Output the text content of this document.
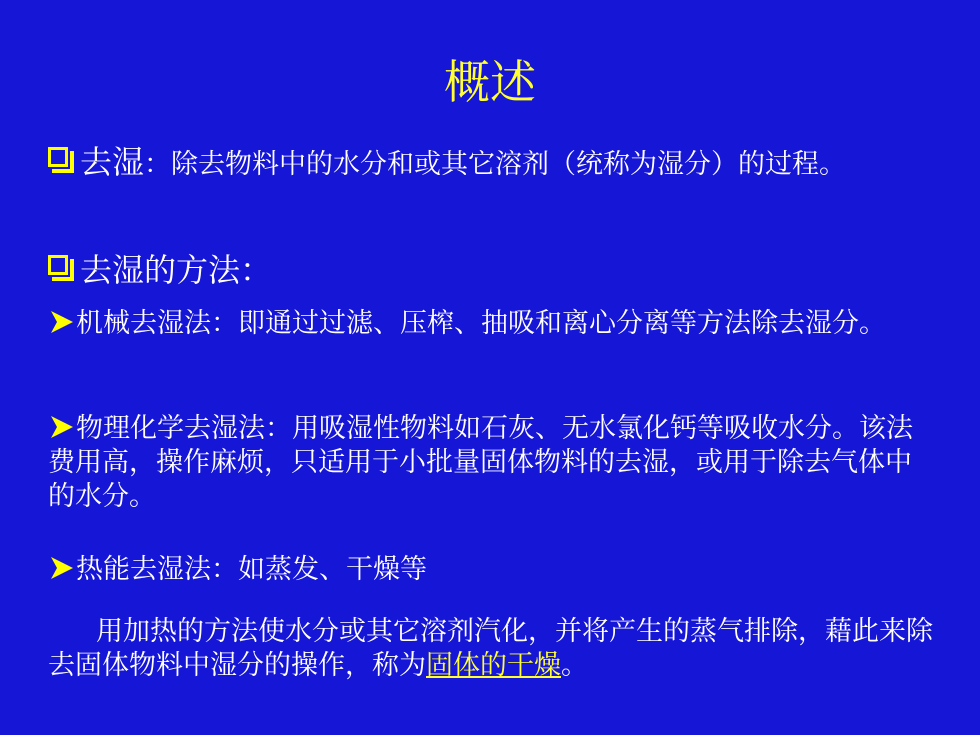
概述
去湿：除去物料中的水分和或其它溶剂（统称为湿分）的过程。
去湿的方法：
机械去湿法：即通过过滤、压榨、抽吸和离心分离等方法除去湿分。
物理化学去湿法：用吸湿性物料如石灰、无水氯化钙等吸收水分。该法费用高，操作麻烦，只适用于小批量固体物料的去湿，或用于除去气体中的水分。
热能去湿法：如蒸发、干燥等
用加热的方法使水分或其它溶剂汽化，并将产生的蒸气排除，藉此来除去固体物料中湿分的操作，称为固体的干燥。
